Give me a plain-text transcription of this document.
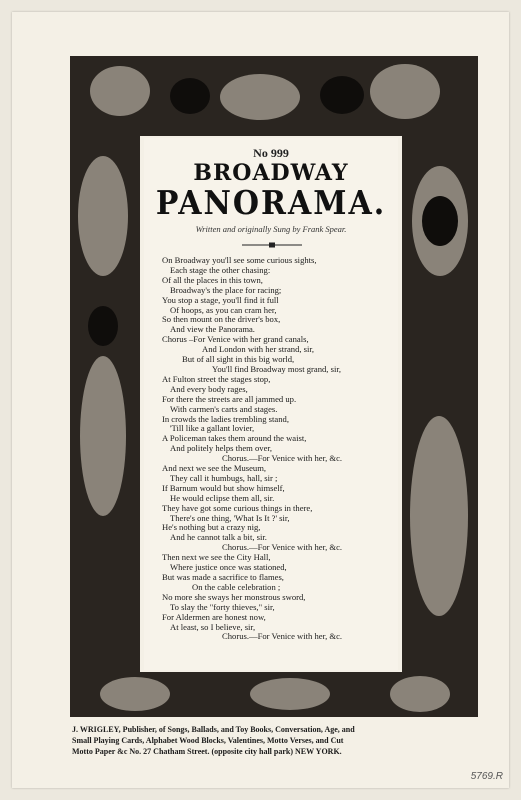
No 999
BROADWAY
PANORAMA.
Written and originally Sung by Frank Spear.
On Broadway you'll see some curious sights,
Each stage the other chasing:
Of all the places in this town,
Broadway's the place for racing;
You stop a stage, you'll find it full
Of hoops, as you can cram her,
So then mount on the driver's box,
And view the Panorama.
Chorus –For Venice with her grand canals,
And London with her strand, sir,
But of all sight in this big world,
You'll find Broadway most grand, sir,
At Fulton street the stages stop,
And every body rages,
For there the streets are all jammed up.
With carmen's carts and stages.
In crowds the ladies trembling stand,
'Till like a gallant lovier,
A Policeman takes them around the waist,
And politely helps them over,
Chorus.—For Venice with her, &c.
And next we see the Museum,
They call it humbugs, hall, sir ;
If Barnum would but show himself,
He would eclipse them all, sir.
They have got some curious things in there,
There's one thing, 'What Is It ?' sir,
He's nothing but a crazy nig,
And he cannot talk a bit, sir.
Chorus.—For Venice with her, &c.
Then next we see the City Hall,
Where justice once was stationed,
But was made a sacrifice to flames,
On the cable celebration ;
No more she sways her monstrous sword,
To slay the "forty thieves," sir,
For Aldermen are honest now,
At least, so I believe, sir,
Chorus.—For Venice with her, &c.
J. WRIGLEY, Publisher, of Songs, Ballads, and Toy Books, Conversation, Age, and
Small Playing Cards, Alphabet Wood Blocks, Valentines, Motto Verses, and Cut
Motto Paper &c No. 27 Chatham Street. (opposite city hall park) NEW YORK.
5769.R
